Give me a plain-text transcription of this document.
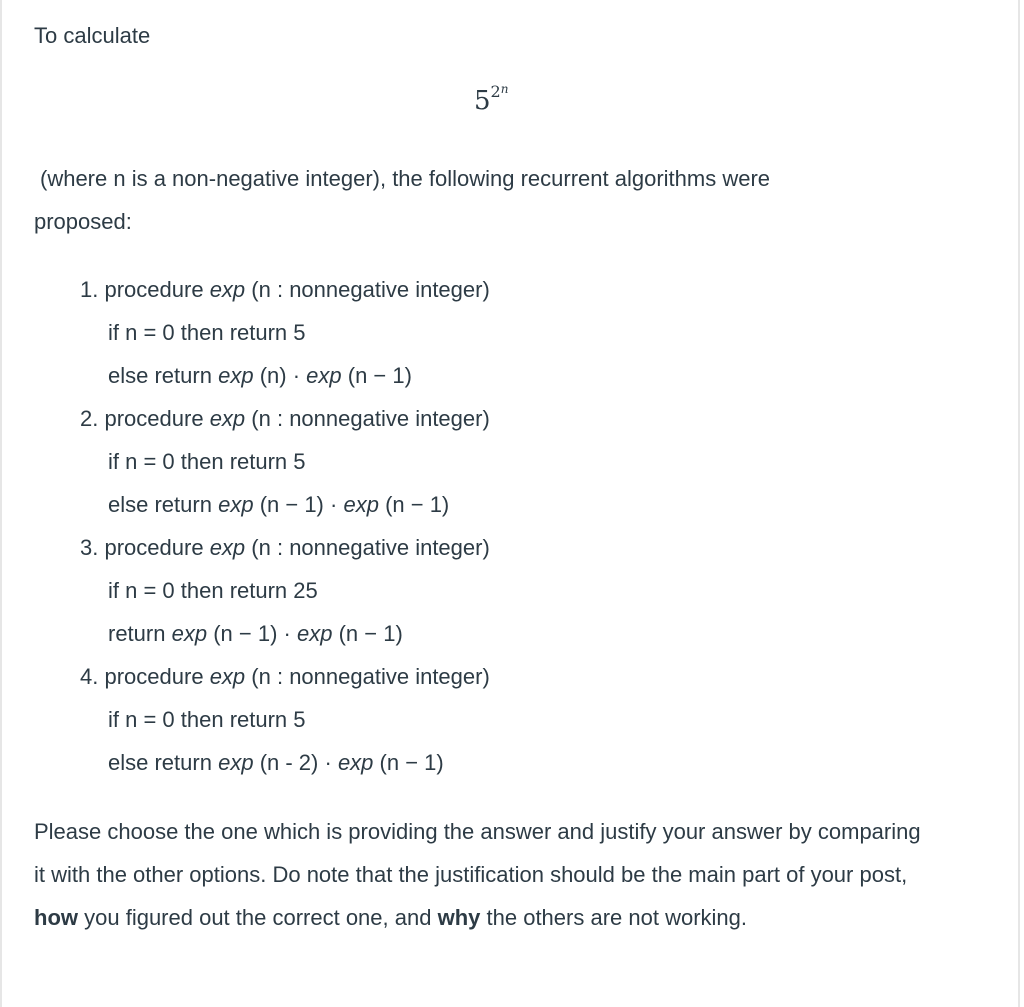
To calculate

$5^{2^n}$

(where n is a non-negative integer), the following recurrent algorithms were
proposed:

1. procedure exp (n : nonnegative integer)
if n = 0 then return 5
else return exp (n) · exp (n − 1)
2. procedure exp (n : nonnegative integer)
if n = 0 then return 5
else return exp (n − 1) · exp (n − 1)
3. procedure exp (n : nonnegative integer)
if n = 0 then return 25
return exp (n − 1) · exp (n − 1)
4. procedure exp (n : nonnegative integer)
if n = 0 then return 5
else return exp (n - 2) · exp (n − 1)

Please choose the one which is providing the answer and justify your answer by comparing it with the other options. Do note that the justification should be the main part of your post, how you figured out the correct one, and why the others are not working.
